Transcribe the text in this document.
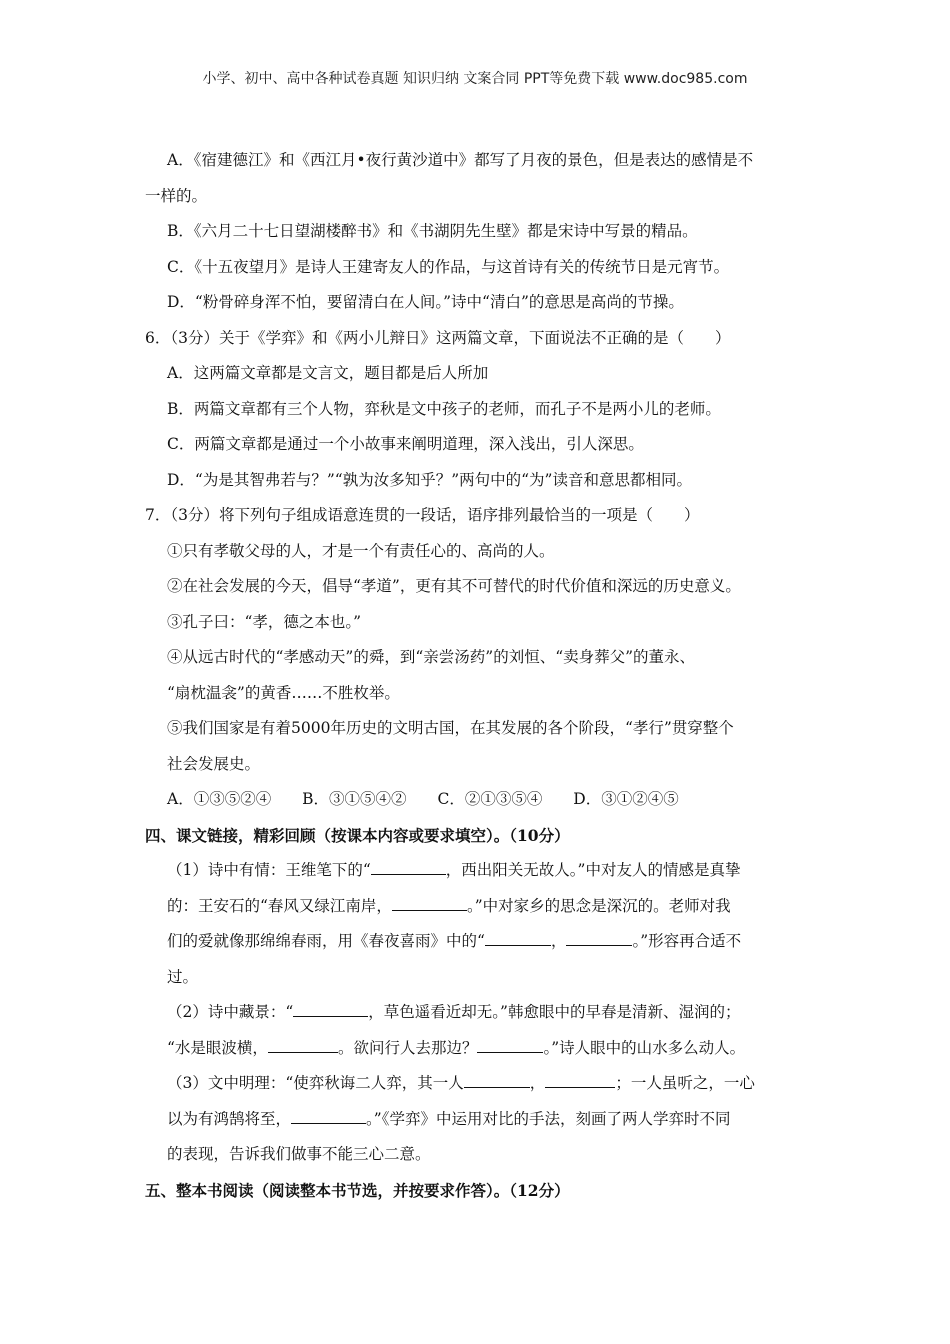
小学、初中、高中各种试卷真题 知识归纳 文案合同 PPT等免费下载 www.doc985.com
A．《宿建德江》和《西江月•夜行黄沙道中》都写了月夜的景色，但是表达的感情是不
一样的。
B．《六月二十七日望湖楼醉书》和《书湖阴先生壁》都是宋诗中写景的精品。
C．《十五夜望月》是诗人王建寄友人的作品，与这首诗有关的传统节日是元宵节。
D．“粉骨碎身浑不怕，要留清白在人间。”诗中“清白”的意思是高尚的节操。
6．（3分）关于《学弈》和《两小儿辩日》这两篇文章，下面说法不正确的是（　　）
A．这两篇文章都是文言文，题目都是后人所加
B．两篇文章都有三个人物，弈秋是文中孩子的老师，而孔子不是两小儿的老师。
C．两篇文章都是通过一个小故事来阐明道理，深入浅出，引人深思。
D．“为是其智弗若与？”“孰为汝多知乎？”两句中的“为”读音和意思都相同。
7．（3分）将下列句子组成语意连贯的一段话，语序排列最恰当的一项是（　　）
①只有孝敬父母的人，才是一个有责任心的、高尚的人。
②在社会发展的今天，倡导“孝道”，更有其不可替代的时代价值和深远的历史意义。
③孔子曰：“孝，德之本也。”
④从远古时代的“孝感动天”的舜，到“亲尝汤药”的刘恒、“卖身葬父”的董永、
“扇枕温衾”的黄香……不胜枚举。
⑤我们国家是有着5000年历史的文明古国，在其发展的各个阶段，“孝行”贯穿整个
社会发展史。
A．①③⑤②④ B．③①⑤④② C．②①③⑤④ D．③①②④⑤
四、课文链接，精彩回顾（按课本内容或要求填空）。（10分）
（1）诗中有情：王维笔下的“	，西出阳关无故人。”中对友人的情感是真挚
的：王安石的“春风又绿江南岸，	。”中对家乡的思念是深沉的。老师对我
们的爱就像那绵绵春雨，用《春夜喜雨》中的“	，	。”形容再合适不
过。
（2）诗中藏景：“	，草色遥看近却无。”韩愈眼中的早春是清新、湿润的；
“水是眼波横，	。欲问行人去那边？	。”诗人眼中的山水多么动人。
（3）文中明理：“使弈秋诲二人弈，其一人	，	；一人虽听之，一心
以为有鸿鹄将至，	。”《学弈》中运用对比的手法，刻画了两人学弈时不同
的表现，告诉我们做事不能三心二意。
五、整本书阅读（阅读整本书节选，并按要求作答）。（12分）
